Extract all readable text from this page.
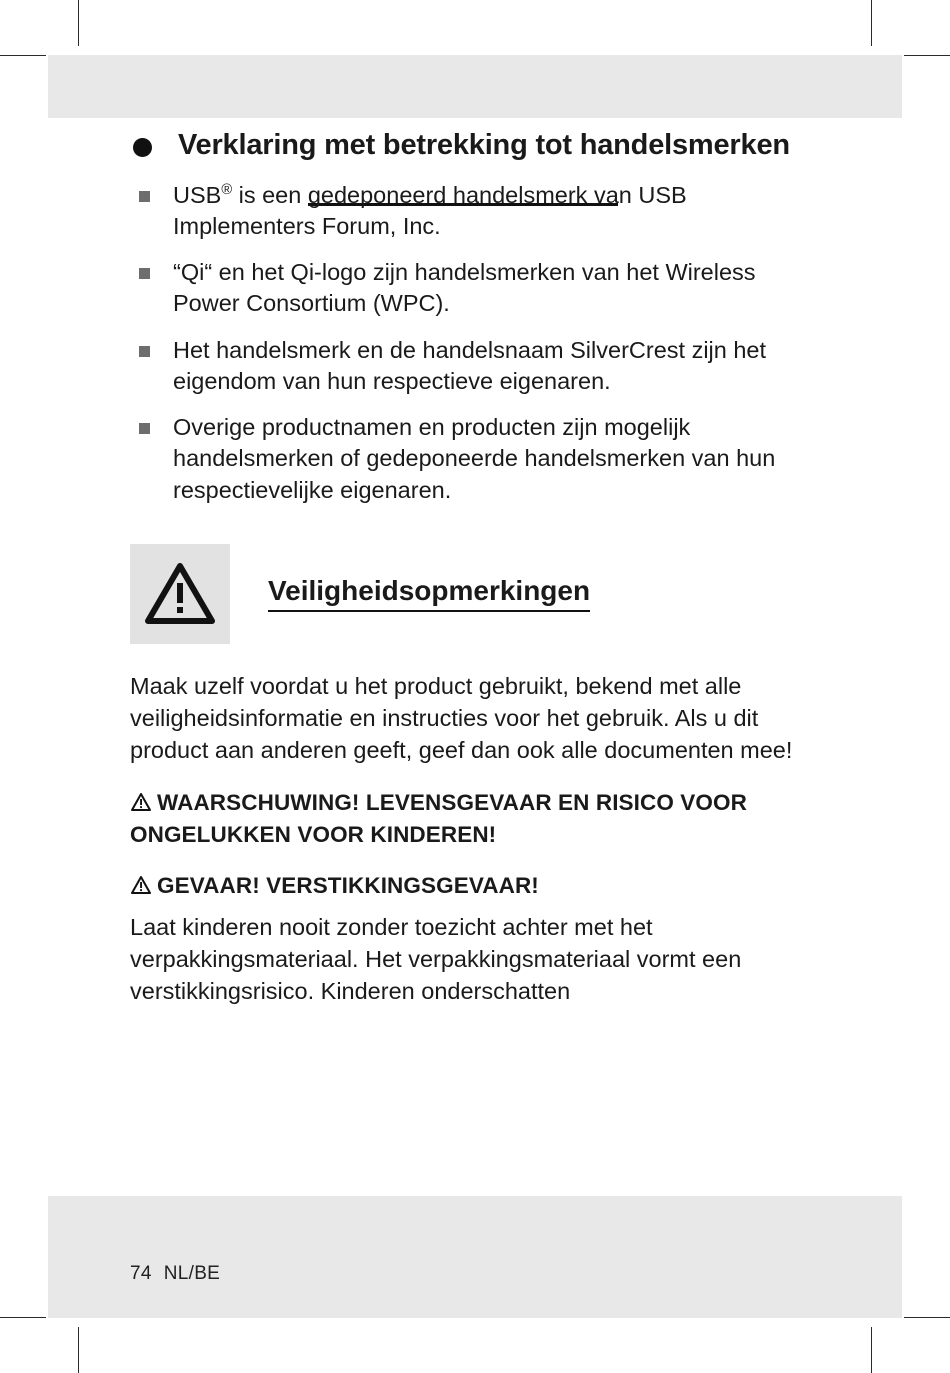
Verklaring met betrekking tot handelsmerken
USB® is een gedeponeerd handelsmerk van USB Implementers Forum, Inc.
“Qi“ en het Qi-logo zijn handelsmerken van het Wireless Power Consortium (WPC).
Het handelsmerk en de handelsnaam SilverCrest zijn het eigendom van hun respectieve eigenaren.
Overige productnamen en producten zijn mogelijk handelsmerken of gedeponeerde handelsmerken van hun respectievelijke eigenaren.
Veiligheidsopmerkingen

Maak uzelf voordat u het product gebruikt, bekend met alle veiligheidsinformatie en instructies voor het gebruik. Als u dit product aan anderen geeft, geef dan ook alle documenten mee!

WAARSCHUWING! LEVENSGEVAAR EN RISICO VOOR ONGELUKKEN VOOR KINDEREN!

GEVAAR! VERSTIKKINGSGEVAAR!

Laat kinderen nooit zonder toezicht achter met het verpakkingsmateriaal. Het verpakkingsmateriaal vormt een verstikkingsrisico. Kinderen onderschatten

74 NL/BE
